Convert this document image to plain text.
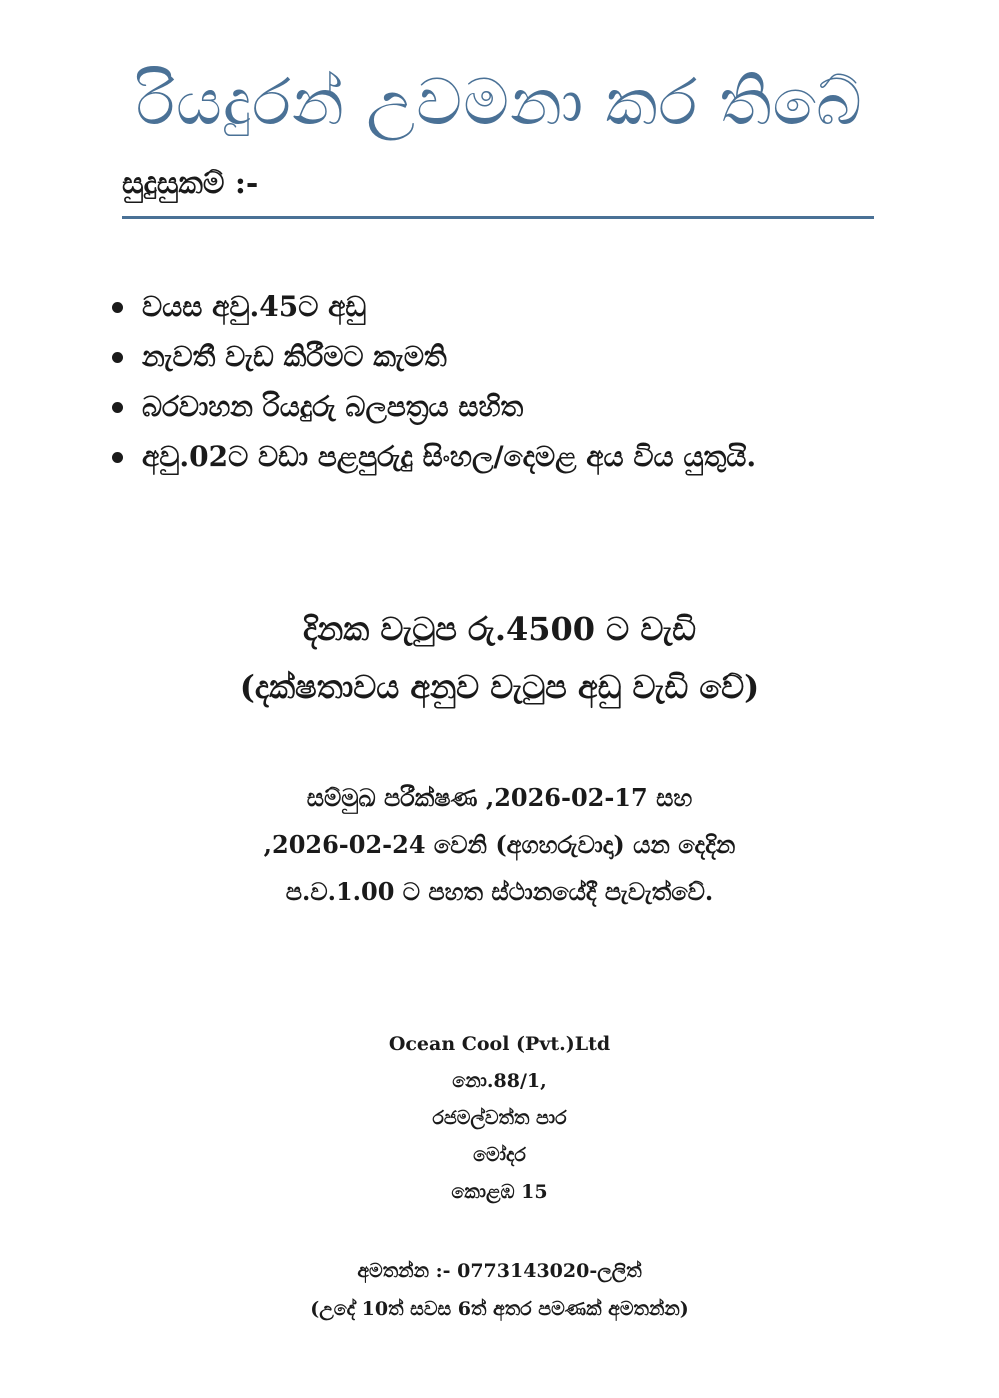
රියදුරන් උවමනා කර තිබේ
සුදුසුකම් :-
වයස අවු.45ට අඩු
නැවතී වැඩ කිරීමට කැමති
බරවාහන රියදුරු බලපත්‍රය සහිත
අවු.02ට වඩා පළපුරුදු සිංහල/දෙමළ අය විය යුතුයි.
දිනක වැටුප රු.4500 ට වැඩි
(දක්ෂතාවය අනුව වැටුප අඩු වැඩි වේ)
සම්මුඛ පරීක්ෂණ ,2026-02-17 සහ
,2026-02-24 වෙනි (අගහරුවාදා) යන දෙදින
ප.ව.1.00 ට පහත ස්ථානයේදී පැවැත්වේ.
Ocean Cool (Pvt.)Ltd
නො.88/1,
රජමල්වත්ත පාර
මෝදර
කොළඹ 15
අමතන්න :- 0773143020-ලලිත්
(උදේ 10ත් සවස 6ත් අතර පමණක් අමතන්න)
